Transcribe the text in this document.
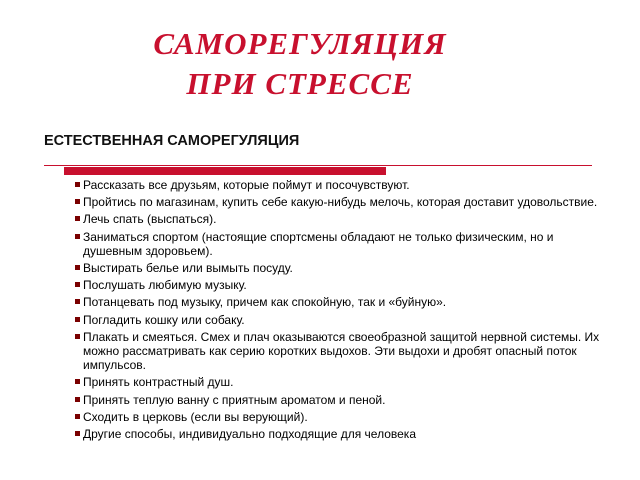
САМОРЕГУЛЯЦИЯ
ПРИ СТРЕССЕ
ЕСТЕСТВЕННАЯ САМОРЕГУЛЯЦИЯ
Рассказать все друзьям, которые поймут и посочувствуют.
Пройтись по магазинам, купить себе какую-нибудь мелочь, которая доставит удовольствие.
Лечь спать (выспаться).
Заниматься спортом (настоящие спортсмены обладают не только физическим, но и душевным здоровьем).
Выстирать белье или вымыть посуду.
Послушать любимую музыку.
Потанцевать под музыку, причем как спокойную, так и «буйную».
Погладить кошку или собаку.
Плакать и смеяться. Смех и плач оказываются своеобразной защитой нервной системы. Их можно рассматривать как серию коротких выдохов. Эти выдохи и дробят опасный поток импульсов.
Принять контрастный душ.
Принять теплую ванну с приятным ароматом и пеной.
Сходить в церковь (если вы верующий).
Другие способы, индивидуально подходящие для человека
